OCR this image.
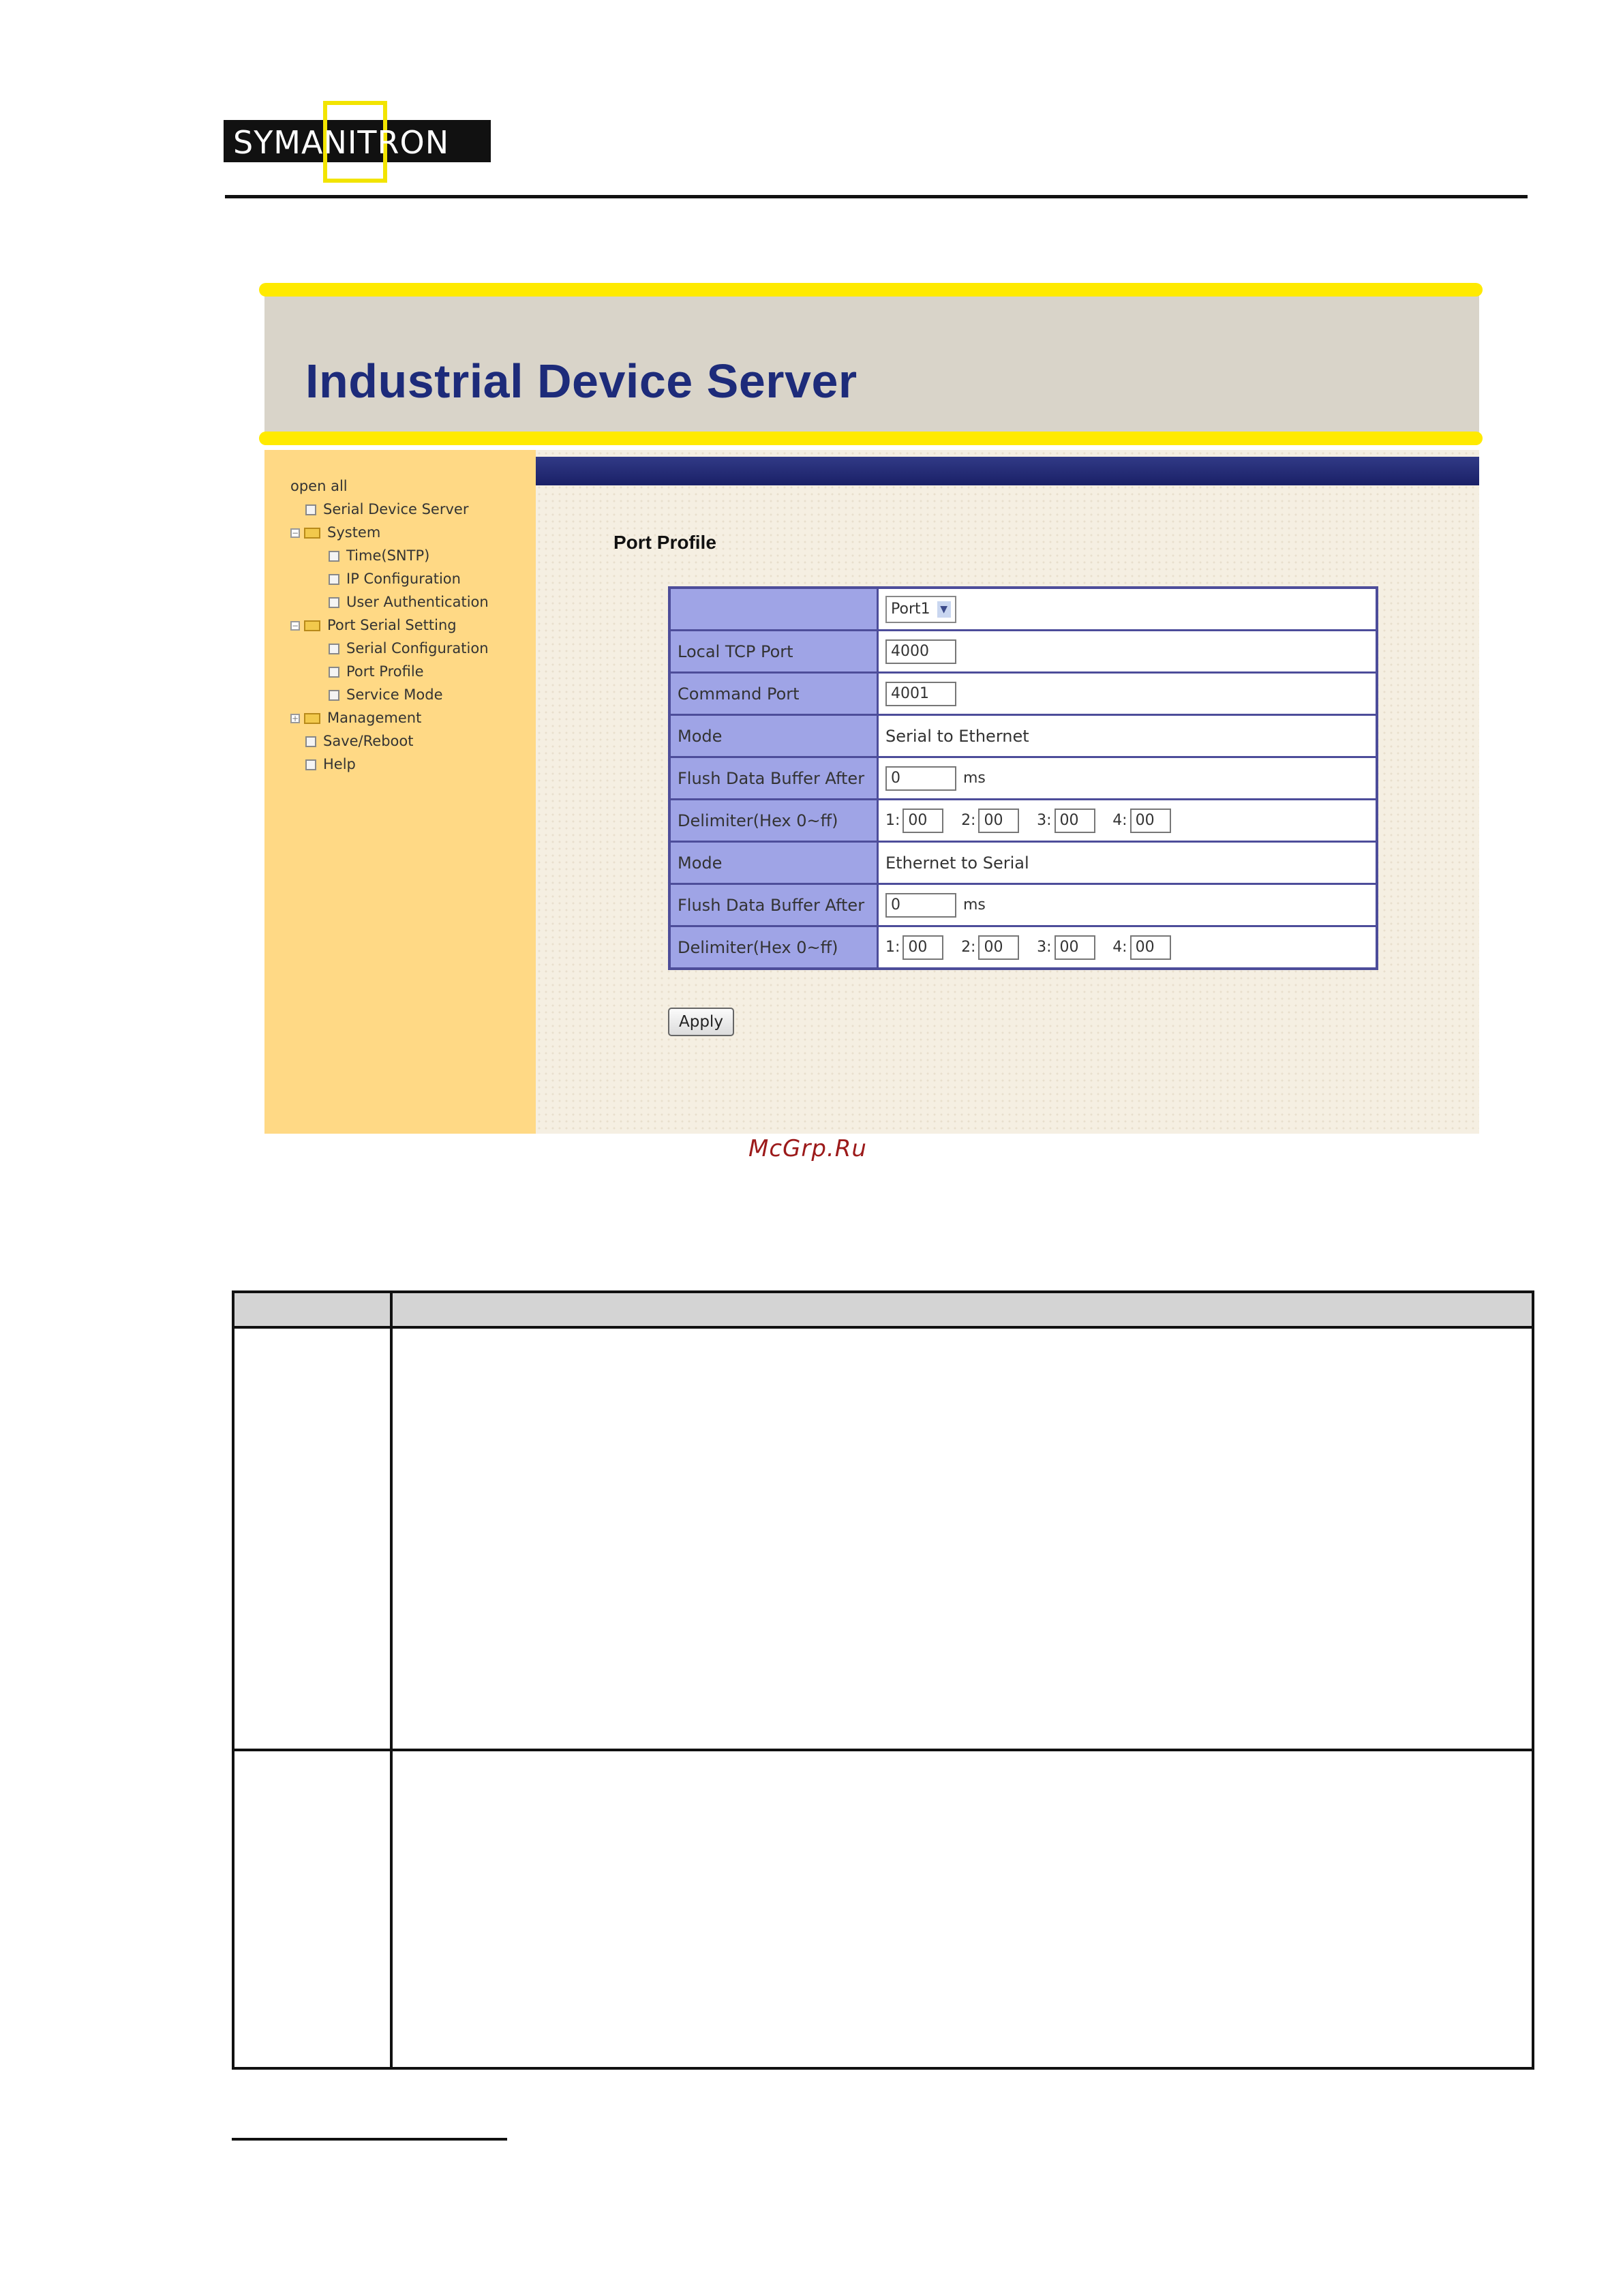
SYMANITRON
Industrial Device Server
open all
Serial Device Server
− System
Time(SNTP)
IP Configuration
User Authentication
− Port Serial Setting
Serial Configuration
Port Profile
Service Mode
+ Management
Save/Reboot
Help
Port Profile

	Port1 ▼

Local TCP Port	4000
Command Port	4001
Mode	Serial to Ethernet
Flush Data Buffer After	0 ms
Delimiter(Hex 0~ff)	1: 00 2: 00 3: 00 4: 00
Mode	Ethernet to Serial
Flush Data Buffer After	0 ms
Delimiter(Hex 0~ff)	1: 00 2: 00 3: 00 4: 00
Apply
McGrp.Ru
